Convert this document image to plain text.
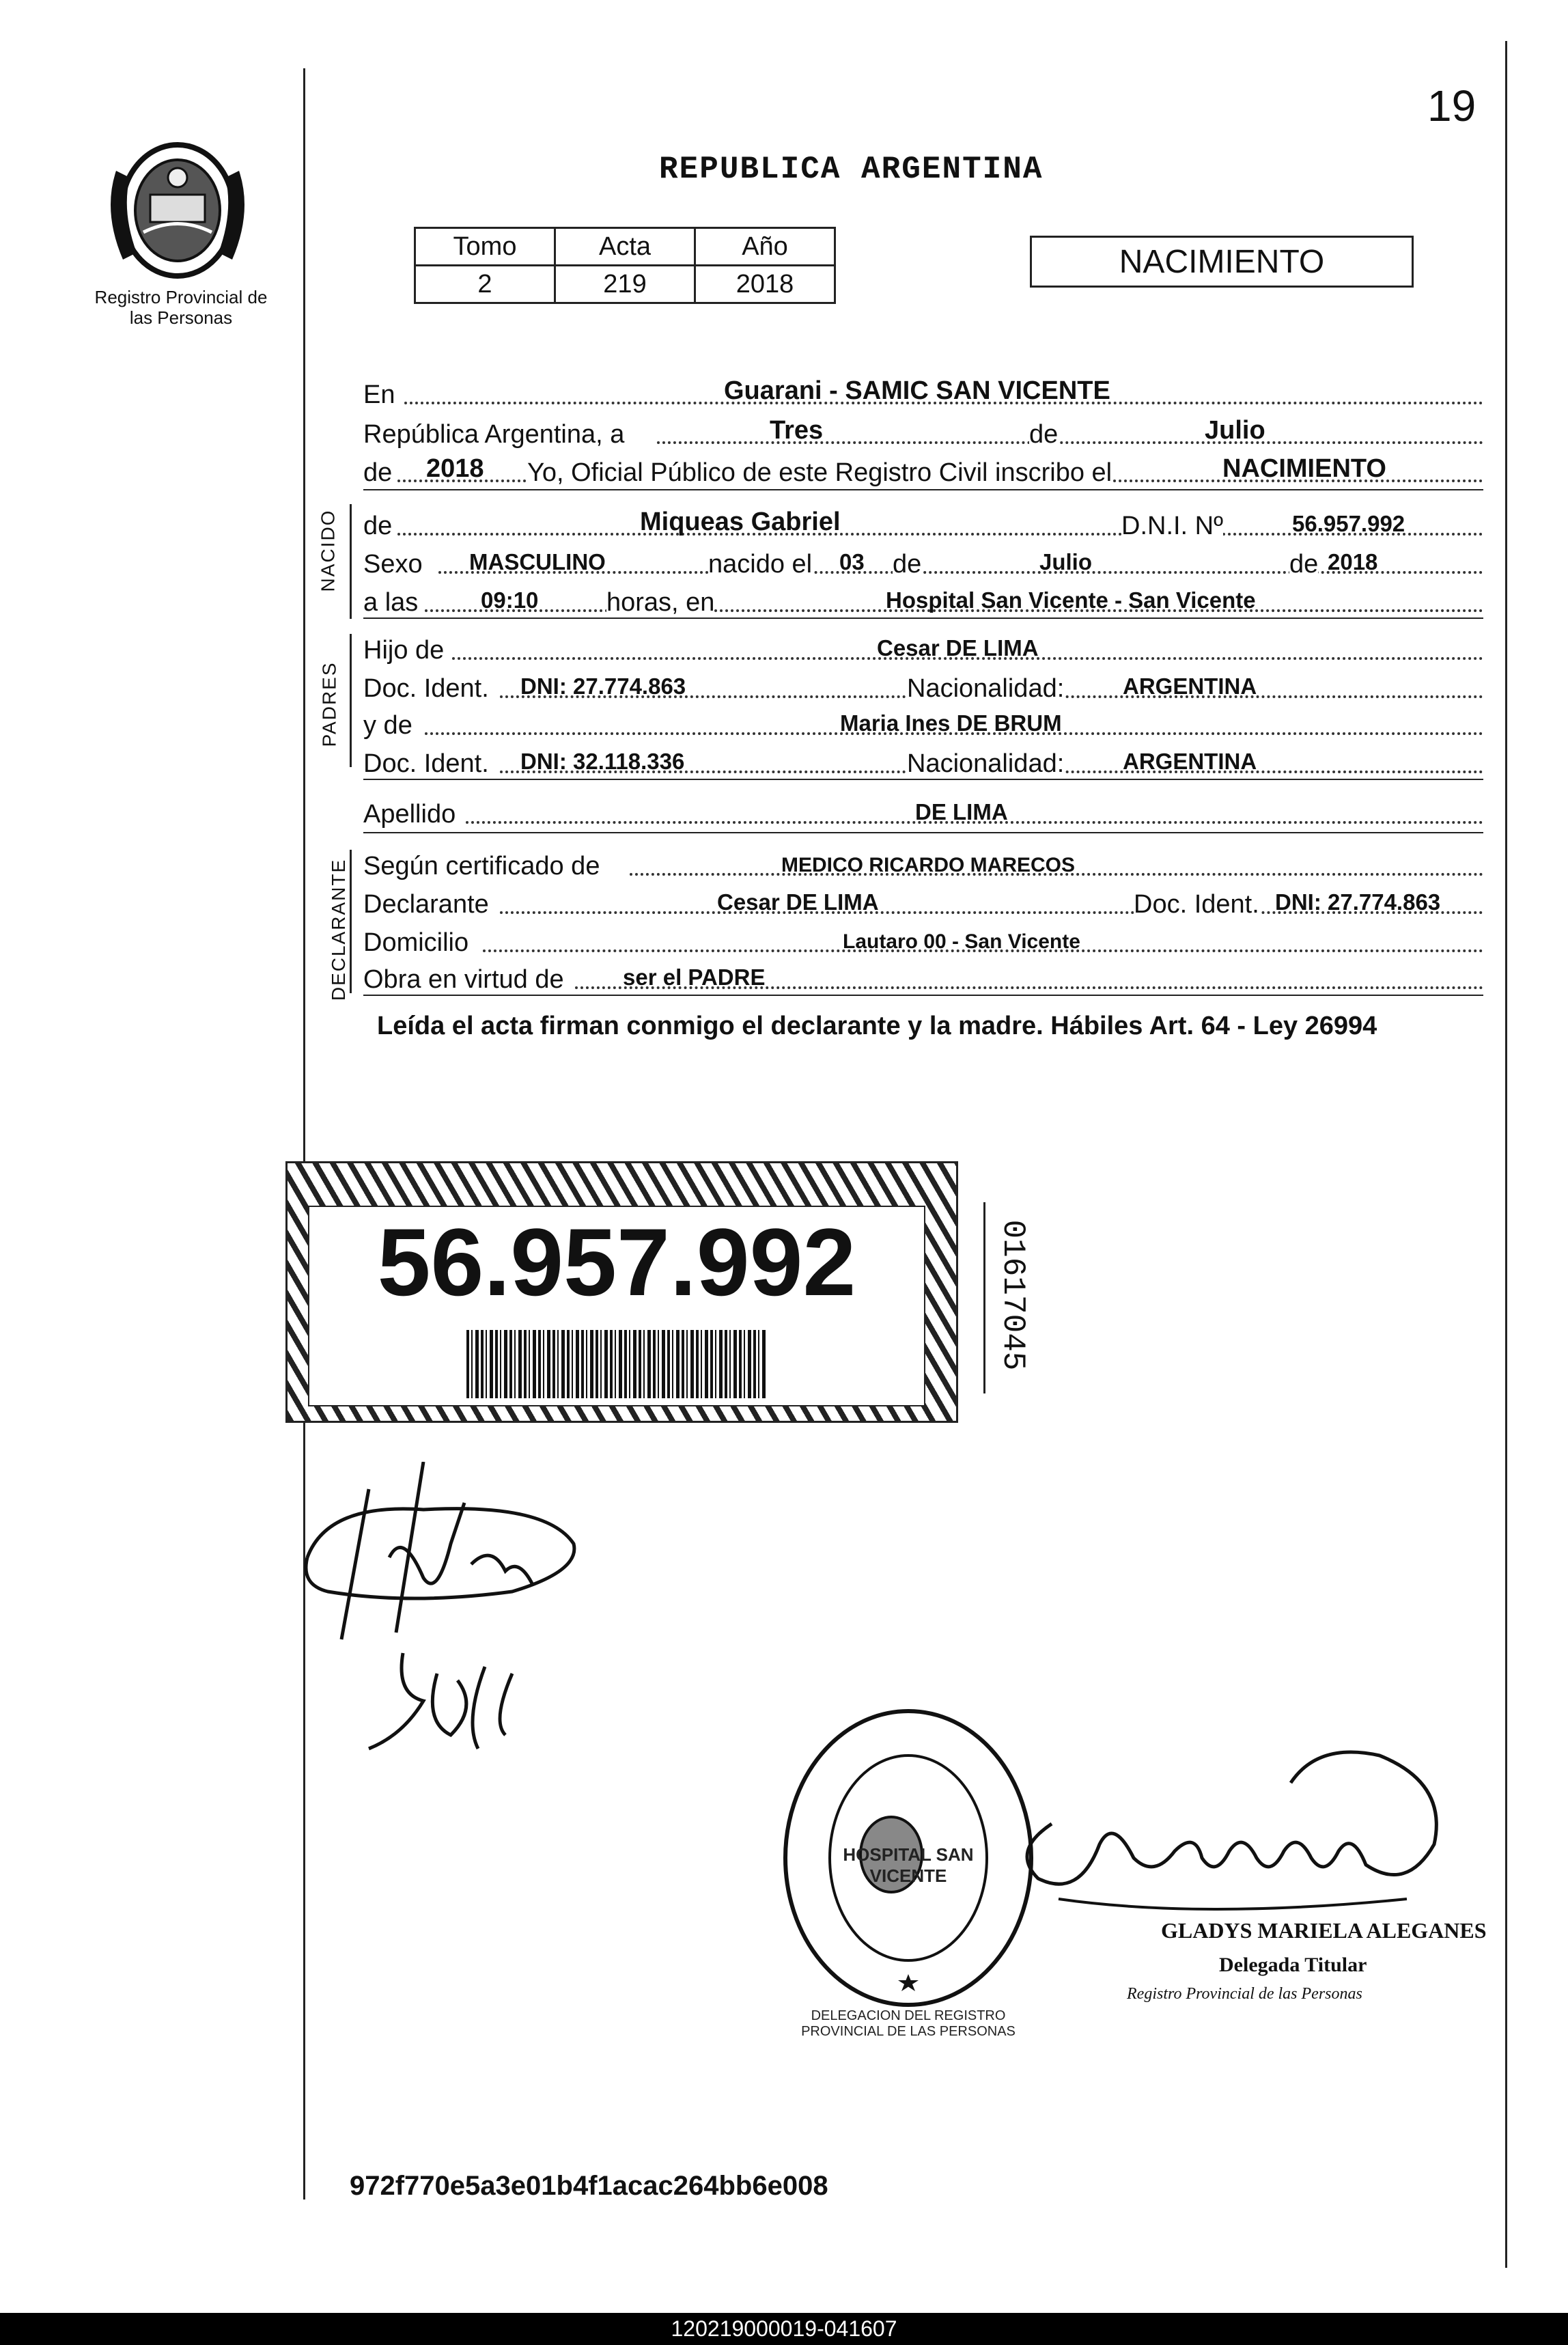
19
Registro Provincial de las Personas
REPUBLICA ARGENTINA
Tomo	Acta	Año
2	219	2018
NACIMIENTO
En	Guarani - SAMIC SAN VICENTE
República Argentina, a	Tres	de	Julio
de 2018 Yo, Oficial Público de este Registro Civil inscribo el	NACIMIENTO
NACIDO de	Miqueas Gabriel	D.N.I. Nº	56.957.992
Sexo MASCULINO	nacido el 03 de	Julio	de 2018
a las	09:10	horas, en	Hospital San Vicente - San Vicente
PADRES
Hijo de	Cesar DE LIMA
Doc. Ident. DNI: 27.774.863	Nacionalidad:	ARGENTINA
y de	Maria Ines DE BRUM
Doc. Ident. DNI: 32.118.336	Nacionalidad:	ARGENTINA
Apellido	DE LIMA
DECLARANTE Según certificado de	MEDICO RICARDO MARECOS
Declarante	Cesar DE LIMA	Doc. Ident. DNI: 27.774.863
Domicilio	Lautaro 00 - San Vicente
Obra en virtud de	ser el PADRE
Leída el acta firman conmigo el declarante y la madre. Hábiles Art. 64 - Ley 26994
56.957.992	01617045
DELEGACION DEL REGISTRO PROVINCIAL DE LAS PERSONAS
HOSPITAL SAN VICENTE
GLADYS MARIELA ALEGANES
Delegada Titular
Registro Provincial de las Personas
972f770e5a3e01b4f1acac264bb6e008
120219000019-041607
